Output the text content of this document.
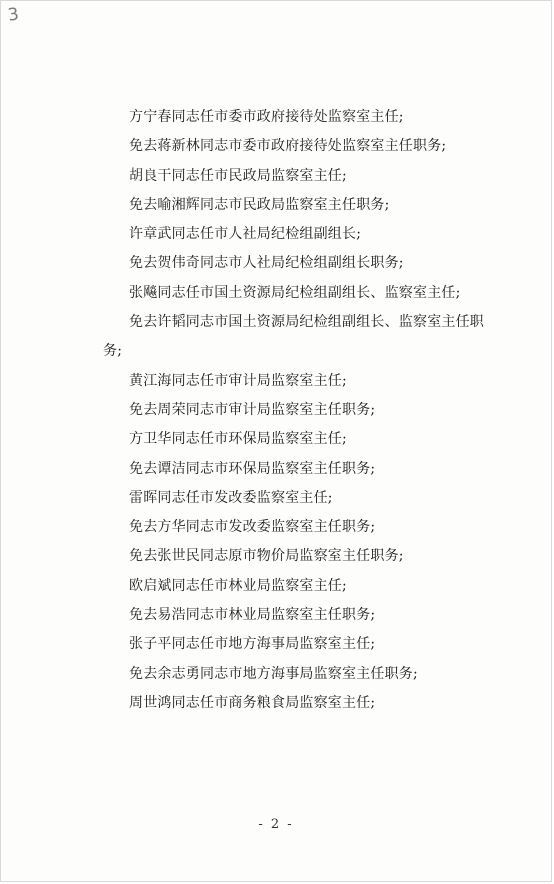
3
方宁春同志任市委市政府接待处监察室主任;
免去蒋新林同志市委市政府接待处监察室主任职务;
胡良干同志任市民政局监察室主任;
免去喻湘辉同志市民政局监察室主任职务;
许章武同志任市人社局纪检组副组长;
免去贺伟奇同志市人社局纪检组副组长职务;
张飚同志任市国土资源局纪检组副组长、监察室主任;
免去许韬同志市国土资源局纪检组副组长、监察室主任职
务;
黄江海同志任市审计局监察室主任;
免去周荣同志市审计局监察室主任职务;
方卫华同志任市环保局监察室主任;
免去谭洁同志市环保局监察室主任职务;
雷晖同志任市发改委监察室主任;
免去方华同志市发改委监察室主任职务;
免去张世民同志原市物价局监察室主任职务;
欧启斌同志任市林业局监察室主任;
免去易浩同志市林业局监察室主任职务;
张子平同志任市地方海事局监察室主任;
免去余志勇同志市地方海事局监察室主任职务;
周世鸿同志任市商务粮食局监察室主任;
- 2 -
